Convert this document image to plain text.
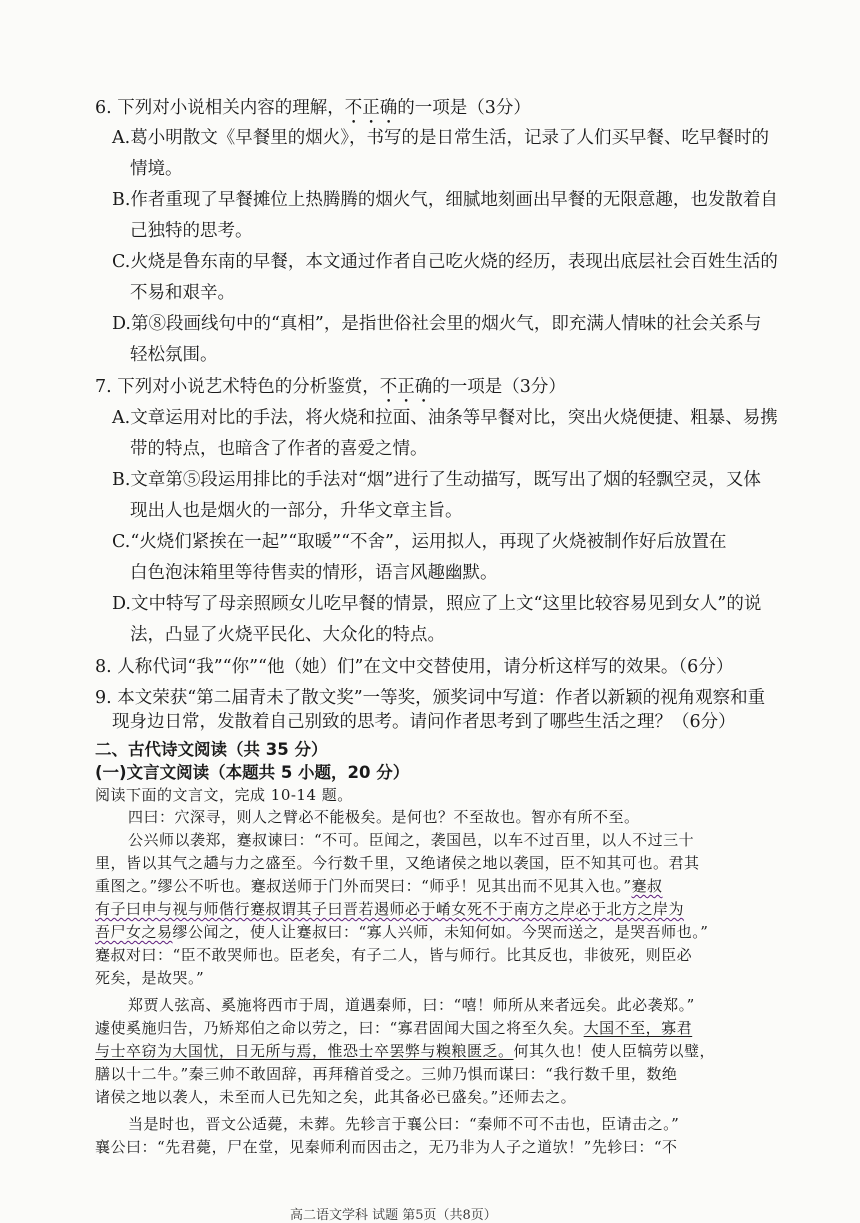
6. 下列对小说相关内容的理解，不正确的一项是（3分）
A.葛小明散文《早餐里的烟火》，书写的是日常生活，记录了人们买早餐、吃早餐时的
情境。
B.作者重现了早餐摊位上热腾腾的烟火气，细腻地刻画出早餐的无限意趣，也发散着自
己独特的思考。
C.火烧是鲁东南的早餐，本文通过作者自己吃火烧的经历，表现出底层社会百姓生活的
不易和艰辛。
D.第⑧段画线句中的“真相”，是指世俗社会里的烟火气，即充满人情味的社会关系与
轻松氛围。
7. 下列对小说艺术特色的分析鉴赏，不正确的一项是（3分）
A.文章运用对比的手法，将火烧和拉面、油条等早餐对比，突出火烧便捷、粗暴、易携
带的特点，也暗含了作者的喜爱之情。
B.文章第⑤段运用排比的手法对“烟”进行了生动描写，既写出了烟的轻飘空灵，又体
现出人也是烟火的一部分，升华文章主旨。
C.“火烧们紧挨在一起”“取暖”“不舍”，运用拟人，再现了火烧被制作好后放置在
白色泡沫箱里等待售卖的情形，语言风趣幽默。
D.文中特写了母亲照顾女儿吃早餐的情景，照应了上文“这里比较容易见到女人”的说
法，凸显了火烧平民化、大众化的特点。
8. 人称代词“我”“你”“他（她）们”在文中交替使用，请分析这样写的效果。（6分）
9. 本文荣获“第二届青未了散文奖”一等奖，颁奖词中写道：作者以新颖的视角观察和重
现身边日常，发散着自己别致的思考。请问作者思考到了哪些生活之理？（6分）
二、古代诗文阅读（共 35 分）
(一)文言文阅读（本题共 5 小题，20 分）
阅读下面的文言文，完成 10-14 题。
四曰：穴深寻，则人之臂必不能极矣。是何也？不至故也。智亦有所不至。
公兴师以袭郑，蹇叔谏曰：“不可。臣闻之，袭国邑，以车不过百里，以人不过三十
里，皆以其气之趫与力之盛至。今行数千里，又绝诸侯之地以袭国，臣不知其可也。君其
重图之。”缪公不听也。蹇叔送师于门外而哭曰：“师乎！见其出而不见其入也。”蹇叔
有子曰申与视与师偕行蹇叔谓其子曰晋若遏师必于崤女死不于南方之岸必于北方之岸为
吾尸女之易缪公闻之，使人让蹇叔曰：“寡人兴师，未知何如。今哭而送之，是哭吾师也。”
蹇叔对曰：“臣不敢哭师也。臣老矣，有子二人，皆与师行。比其反也，非彼死，则臣必
死矣，是故哭。”
郑贾人弦高、奚施将西市于周，道遇秦师，曰：“嘻！师所从来者远矣。此必袭郑。”
遽使奚施归告，乃矫郑伯之命以劳之，曰：“寡君固闻大国之将至久矣。大国不至，寡君
与士卒窃为大国忧，日无所与焉，惟恐士卒罢弊与糗粮匮乏。何其久也！使人臣犒劳以璧，
膳以十二牛。”秦三帅不敢固辞，再拜稽首受之。三帅乃惧而谋曰：“我行数千里，数绝
诸侯之地以袭人，未至而人已先知之矣，此其备必已盛矣。”还师去之。
当是时也，晋文公适薨，未葬。先轸言于襄公曰：“秦师不可不击也，臣请击之。”
襄公曰：“先君薨，尸在堂，见秦师利而因击之，无乃非为人子之道欤！”先轸曰：“不
高二语文学科 试题 第5页（共8页）
